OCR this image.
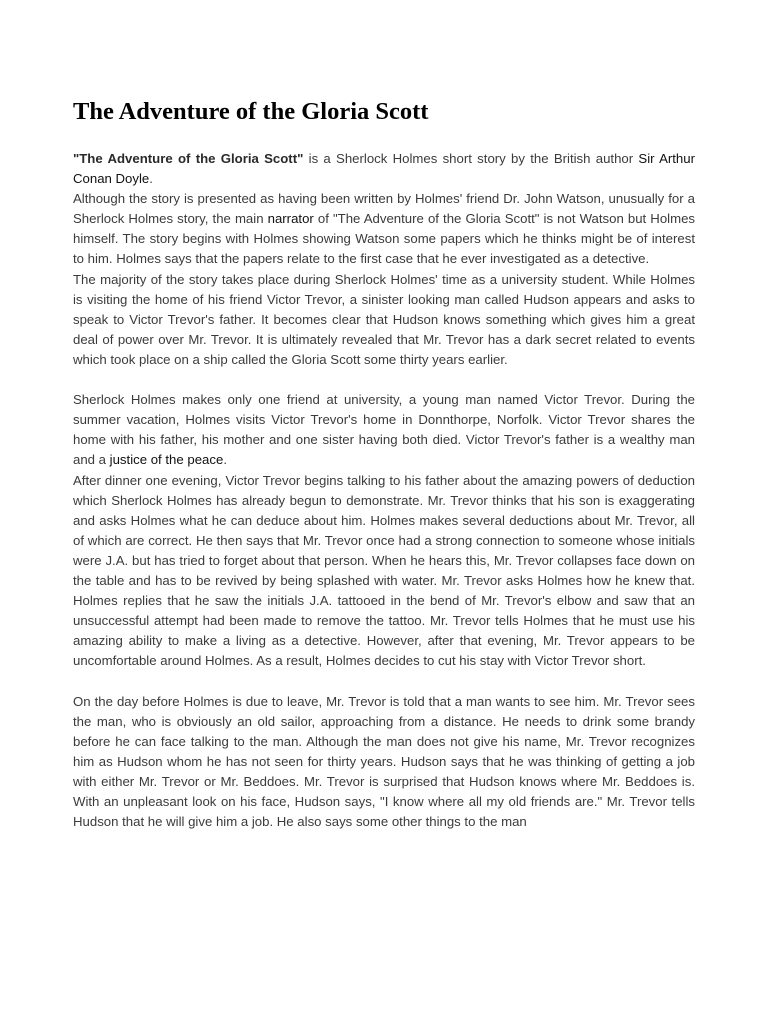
The Adventure of the Gloria Scott

"The Adventure of the Gloria Scott" is a Sherlock Holmes short story by the British author Sir Arthur Conan Doyle.

Although the story is presented as having been written by Holmes' friend Dr. John Watson, unusually for a Sherlock Holmes story, the main narrator of "The Adventure of the Gloria Scott" is not Watson but Holmes himself. The story begins with Holmes showing Watson some papers which he thinks might be of interest to him. Holmes says that the papers relate to the first case that he ever investigated as a detective.

The majority of the story takes place during Sherlock Holmes' time as a university student. While Holmes is visiting the home of his friend Victor Trevor, a sinister looking man called Hudson appears and asks to speak to Victor Trevor's father. It becomes clear that Hudson knows something which gives him a great deal of power over Mr. Trevor. It is ultimately revealed that Mr. Trevor has a dark secret related to events which took place on a ship called the Gloria Scott some thirty years earlier.

Sherlock Holmes makes only one friend at university, a young man named Victor Trevor. During the summer vacation, Holmes visits Victor Trevor's home in Donnthorpe, Norfolk. Victor Trevor shares the home with his father, his mother and one sister having both died. Victor Trevor's father is a wealthy man and a justice of the peace.

After dinner one evening, Victor Trevor begins talking to his father about the amazing powers of deduction which Sherlock Holmes has already begun to demonstrate. Mr. Trevor thinks that his son is exaggerating and asks Holmes what he can deduce about him. Holmes makes several deductions about Mr. Trevor, all of which are correct. He then says that Mr. Trevor once had a strong connection to someone whose initials were J.A. but has tried to forget about that person. When he hears this, Mr. Trevor collapses face down on the table and has to be revived by being splashed with water. Mr. Trevor asks Holmes how he knew that. Holmes replies that he saw the initials J.A. tattooed in the bend of Mr. Trevor's elbow and saw that an unsuccessful attempt had been made to remove the tattoo. Mr. Trevor tells Holmes that he must use his amazing ability to make a living as a detective. However, after that evening, Mr. Trevor appears to be uncomfortable around Holmes. As a result, Holmes decides to cut his stay with Victor Trevor short.

On the day before Holmes is due to leave, Mr. Trevor is told that a man wants to see him. Mr. Trevor sees the man, who is obviously an old sailor, approaching from a distance. He needs to drink some brandy before he can face talking to the man. Although the man does not give his name, Mr. Trevor recognizes him as Hudson whom he has not seen for thirty years. Hudson says that he was thinking of getting a job with either Mr. Trevor or Mr. Beddoes. Mr. Trevor is surprised that Hudson knows where Mr. Beddoes is. With an unpleasant look on his face, Hudson says, "I know where all my old friends are." Mr. Trevor tells Hudson that he will give him a job. He also says some other things to the man
